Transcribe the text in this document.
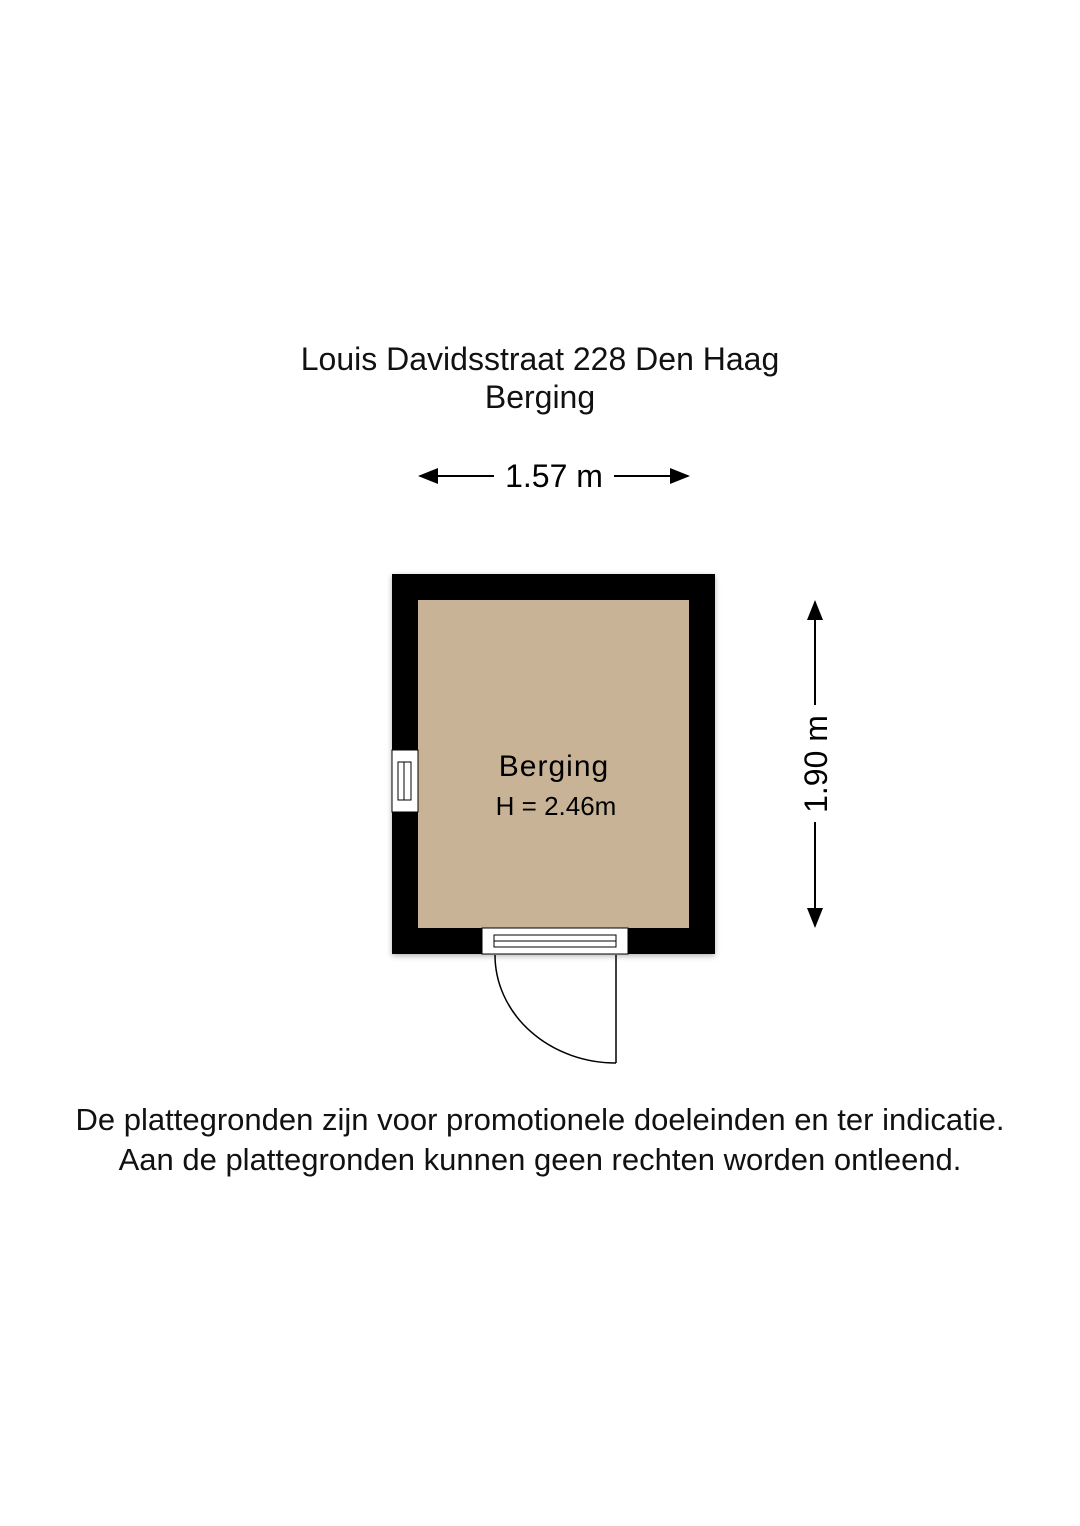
Louis Davidsstraat 228 Den Haag
Berging
1.57 m
1.90 m
Berging
H = 2.46m
De plattegronden zijn voor promotionele doeleinden en ter indicatie.
Aan de plattegronden kunnen geen rechten worden ontleend.
